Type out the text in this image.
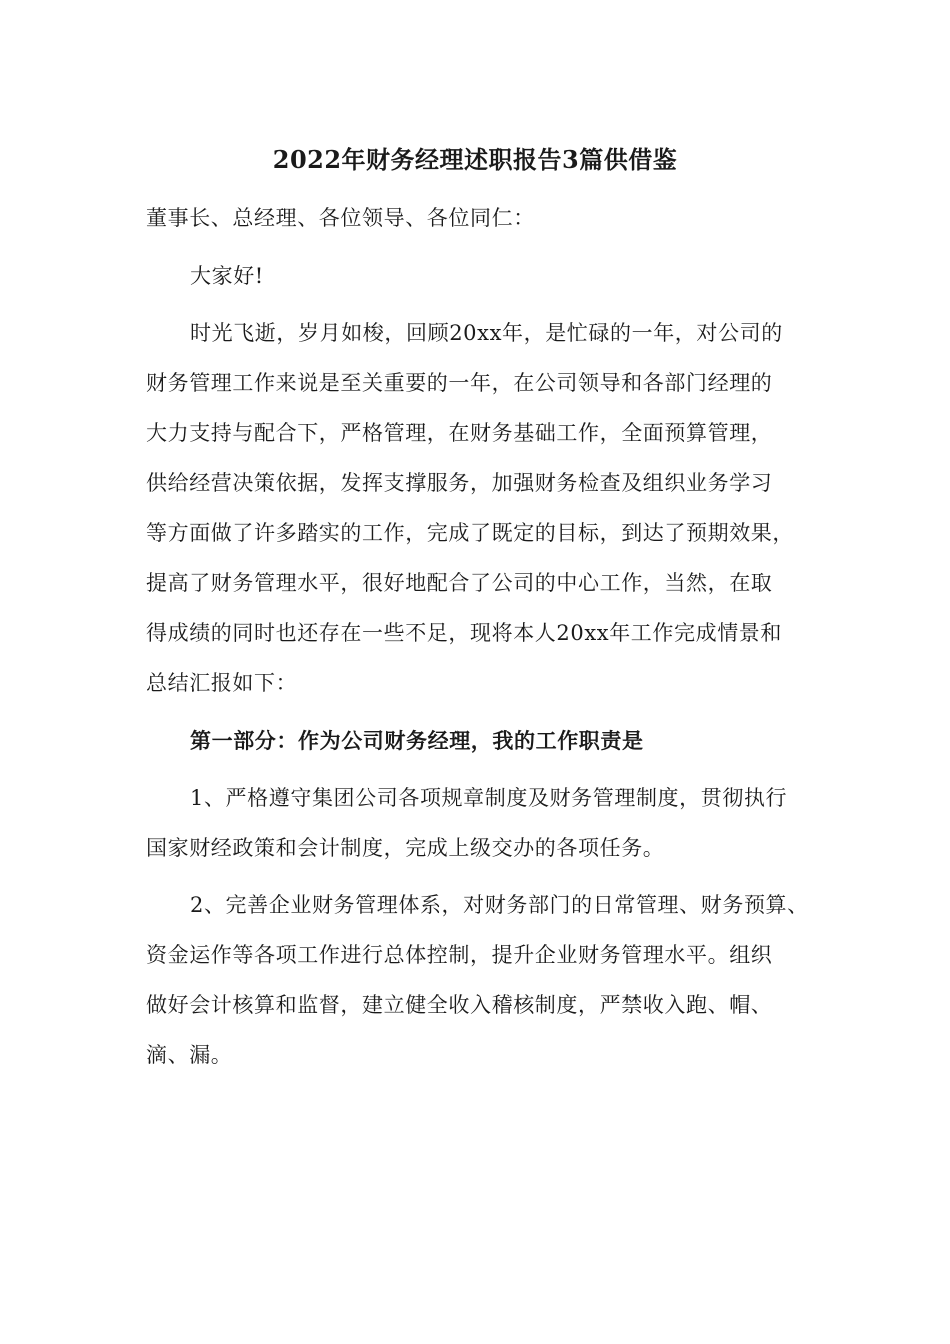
2022年财务经理述职报告3篇供借鉴
董事长、总经理、各位领导、各位同仁：
大家好!
时光飞逝，岁月如梭，回顾20xx年，是忙碌的一年，对公司的
财务管理工作来说是至关重要的一年，在公司领导和各部门经理的
大力支持与配合下，严格管理，在财务基础工作，全面预算管理，
供给经营决策依据，发挥支撑服务，加强财务检查及组织业务学习
等方面做了许多踏实的工作，完成了既定的目标，到达了预期效果，
提高了财务管理水平，很好地配合了公司的中心工作，当然，在取
得成绩的同时也还存在一些不足，现将本人20xx年工作完成情景和
总结汇报如下：
第一部分：作为公司财务经理，我的工作职责是
1、严格遵守集团公司各项规章制度及财务管理制度，贯彻执行
国家财经政策和会计制度，完成上级交办的各项任务。
2、完善企业财务管理体系，对财务部门的日常管理、财务预算、
资金运作等各项工作进行总体控制，提升企业财务管理水平。组织
做好会计核算和监督，建立健全收入稽核制度，严禁收入跑、帽、
滴、漏。
